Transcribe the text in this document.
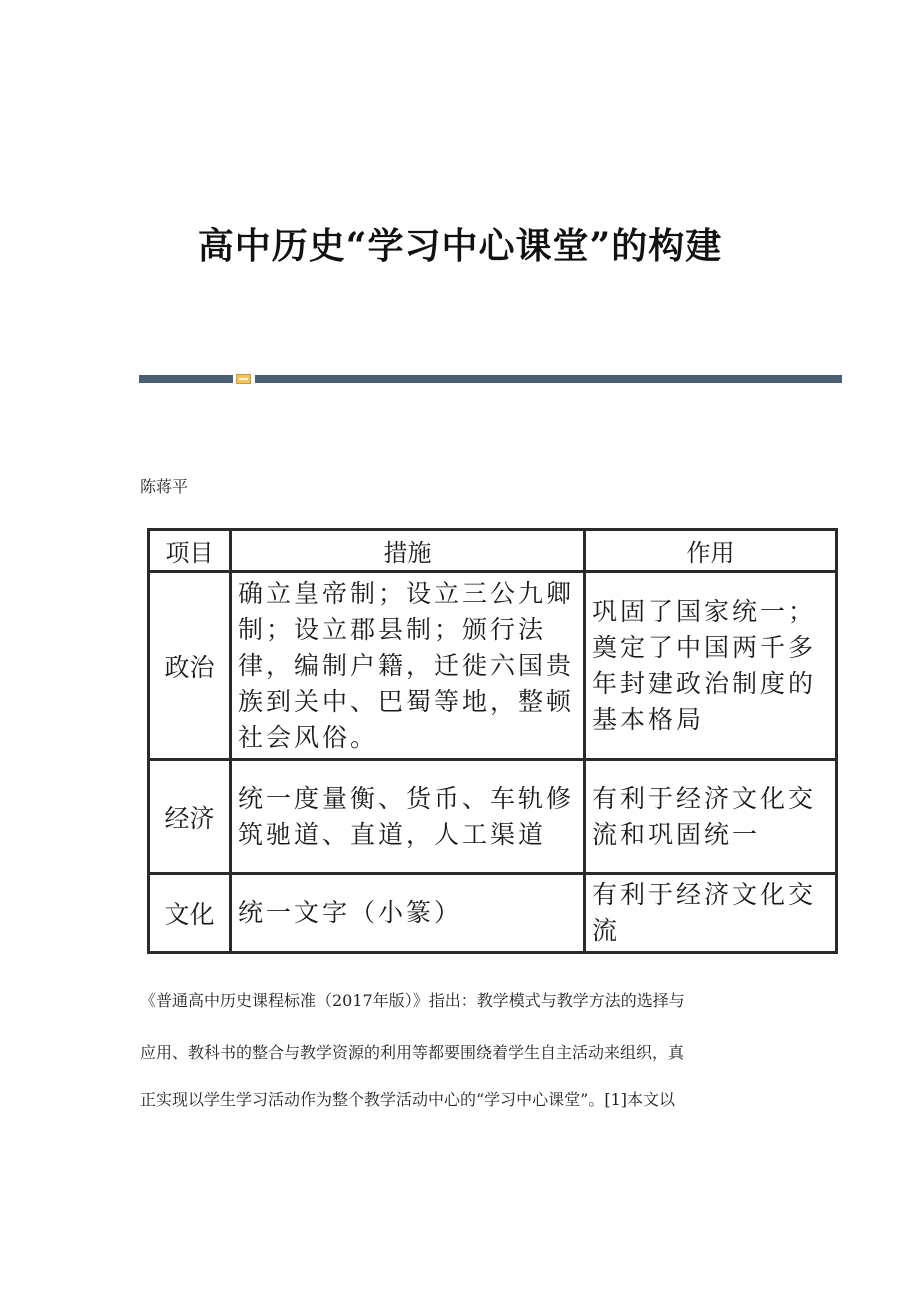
高中历史“学习中心课堂”的构建
陈蒋平
项目	措施	作用
政治	确立皇帝制；设立三公九卿制；设立郡县制；颁行法律，编制户籍，迁徙六国贵族到关中、巴蜀等地，整顿社会风俗。	巩固了国家统一；奠定了中国两千多年封建政治制度的基本格局
经济	统一度量衡、货币、车轨修筑驰道、直道，人工渠道	有利于经济文化交流和巩固统一
文化	统一文字（小篆）	有利于经济文化交流
《普通高中历史课程标准（2017年版）》指出：教学模式与教学方法的选择与
应用、教科书的整合与教学资源的利用等都要围绕着学生自主活动来组织，真
正实现以学生学习活动作为整个教学活动中心的“学习中心课堂”。[1]本文以
